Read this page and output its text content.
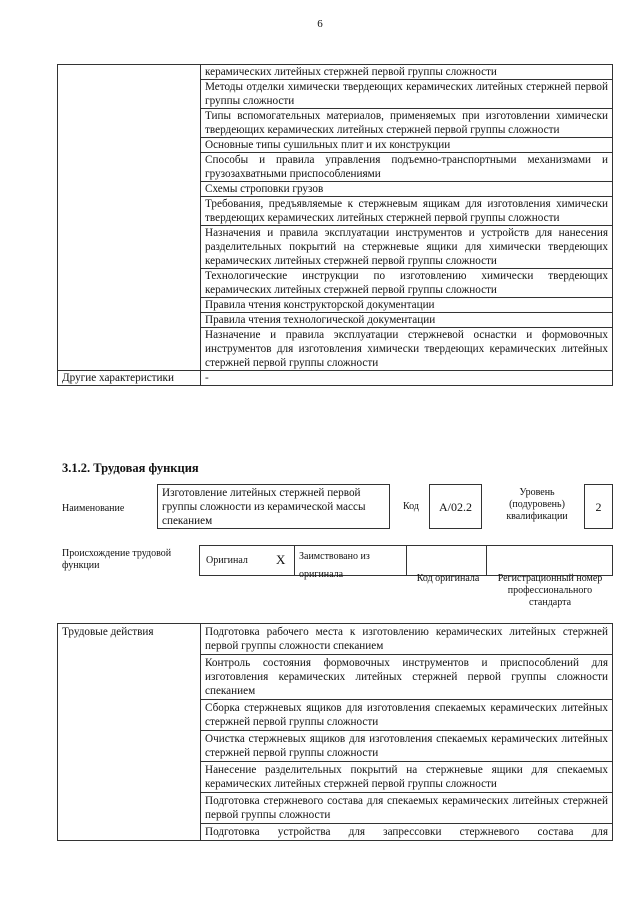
6
	керамических литейных стержней первой группы сложности
	Методы отделки химически твердеющих керамических литейных стержней первой группы сложности
	Типы вспомогательных материалов, применяемых при изготовлении химически твердеющих керамических литейных стержней первой группы сложности
	Основные типы сушильных плит и их конструкции
	Способы и правила управления подъемно-транспортными механизмами и грузозахватными приспособлениями
	Схемы строповки грузов
	Требования, предъявляемые к стержневым ящикам для изготовления химически твердеющих керамических литейных стержней первой группы сложности
	Назначения и правила эксплуатации инструментов и устройств для нанесения разделительных покрытий на стержневые ящики для химически твердеющих керамических литейных стержней первой группы сложности
	Технологические инструкции по изготовлению химически твердеющих керамических литейных стержней первой группы сложности
	Правила чтения конструкторской документации
	Правила чтения технологической документации
	Назначение и правила эксплуатации стержневой оснастки и формовочных инструментов для изготовления химически твердеющих керамических литейных стержней первой группы сложности
Другие характеристики	-
3.1.2. Трудовая функция
Наименование
Изготовление литейных стержней первой группы сложности из керамической массы спеканием
Код	A/02.2
Уровень (подуровень) квалификации
2
Происхождение трудовой функции	Оригинал X	Заимствовано из оригинала	Код оригинала	Регистрационный номер профессионального стандарта
Трудовые действия	Подготовка рабочего места к изготовлению керамических литейных стержней первой группы сложности спеканием
Контроль состояния формовочных инструментов и приспособлений для изготовления керамических литейных стержней первой группы сложности спеканием
Сборка стержневых ящиков для изготовления спекаемых керамических литейных стержней первой группы сложности
Очистка стержневых ящиков для изготовления спекаемых керамических литейных стержней первой группы сложности
Нанесение разделительных покрытий на стержневые ящики для спекаемых керамических литейных стержней первой группы сложности
Подготовка стержневого состава для спекаемых керамических литейных стержней первой группы сложности
Подготовка устройства для запрессовки стержневого состава для
